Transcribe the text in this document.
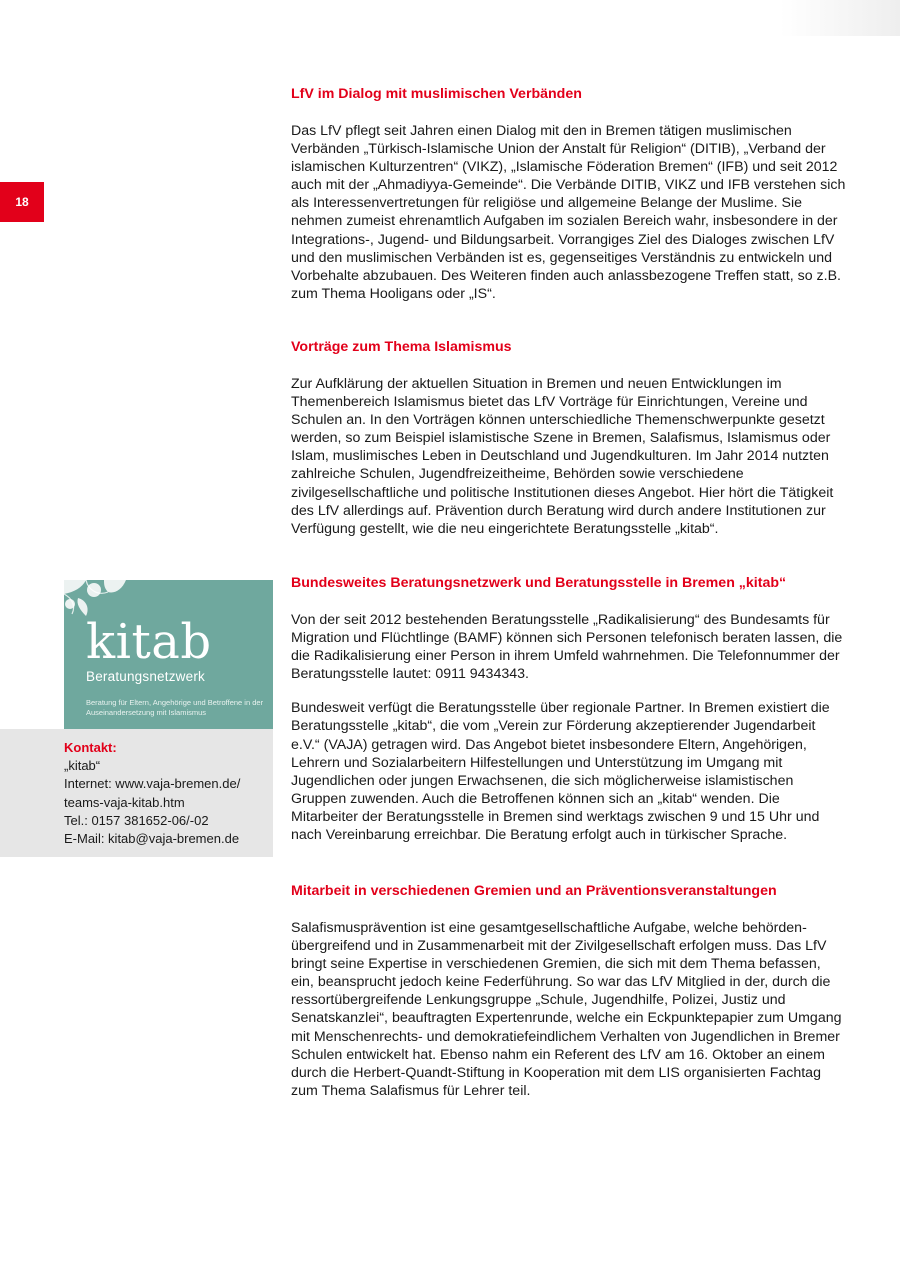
18
LfV im Dialog mit muslimischen Verbänden

Das LfV pflegt seit Jahren einen Dialog mit den in Bremen tätigen muslimischen Verbänden „Türkisch-Islamische Union der Anstalt für Religion“ (DITIB), „Verband der islamischen Kulturzentren“ (VIKZ), „Islamische Föderation Bremen“ (IFB) und seit 2012 auch mit der „Ahmadiyya-Gemeinde“. Die Verbände DITIB, VIKZ und IFB verstehen sich als Interessenvertretungen für religiöse und allgemeine Belange der Muslime. Sie nehmen zumeist ehrenamtlich Aufgaben im sozialen Bereich wahr, insbesondere in der Integrations-, Jugend- und Bildungsarbeit. Vorrangiges Ziel des Dialoges zwischen LfV und den muslimischen Verbänden ist es, gegenseitiges Verständnis zu entwickeln und Vorbehalte abzubauen. Des Weiteren finden auch anlassbezogene Treffen statt, so z.B. zum Thema Hooligans oder „IS“.

Vorträge zum Thema Islamismus

Zur Aufklärung der aktuellen Situation in Bremen und neuen Entwicklungen im Themenbereich Islamismus bietet das LfV Vorträge für Einrichtungen, Vereine und Schulen an. In den Vorträgen können unterschiedliche Themenschwerpunkte gesetzt werden, so zum Beispiel islamistische Szene in Bremen, Salafismus, Islamismus oder Islam, muslimisches Leben in Deutschland und Jugendkulturen. Im Jahr 2014 nutzten zahlreiche Schulen, Jugendfreizeitheime, Behörden sowie verschiedene zivilgesellschaftliche und politische Institutionen dieses Angebot. Hier hört die Tätigkeit des LfV allerdings auf. Prävention durch Beratung wird durch andere Institutionen zur Verfügung gestellt, wie die neu eingerichtete Beratungsstelle „kitab“.

Bundesweites Beratungsnetzwerk und Beratungsstelle in Bremen „kitab“

Von der seit 2012 bestehenden Beratungsstelle „Radikalisierung“ des Bundesamts für Migration und Flüchtlinge (BAMF) können sich Personen telefonisch beraten lassen, die die Radikalisierung einer Person in ihrem Umfeld wahrnehmen. Die Telefonnummer der Beratungsstelle lautet: 0911 9434343.

Bundesweit verfügt die Beratungsstelle über regionale Partner. In Bremen existiert die Beratungsstelle „kitab“, die vom „Verein zur Förderung akzeptierender Jugendarbeit e.V.“ (VAJA) getragen wird. Das Angebot bietet insbesondere Eltern, Angehörigen, Lehrern und Sozialarbeitern Hilfestellungen und Unterstützung im Umgang mit Jugendlichen oder jungen Erwachsenen, die sich möglicherweise islamistischen Gruppen zuwenden. Auch die Betroffenen können sich an „kitab“ wenden. Die Mitarbeiter der Beratungsstelle in Bremen sind werktags zwischen 9 und 15 Uhr und nach Vereinbarung erreichbar. Die Beratung erfolgt auch in türkischer Sprache.

Mitarbeit in verschiedenen Gremien und an Präventionsveranstaltungen

Salafismusprävention ist eine gesamtgesellschaftliche Aufgabe, welche behördenübergreifend und in Zusammenarbeit mit der Zivilgesellschaft erfolgen muss. Das LfV bringt seine Expertise in verschiedenen Gremien, die sich mit dem Thema befassen, ein, beansprucht jedoch keine Federführung. So war das LfV Mitglied in der, durch die ressortübergreifende Lenkungsgruppe „Schule, Jugendhilfe, Polizei, Justiz und Senatskanzlei“, beauftragten Expertenrunde, welche ein Eckpunktepapier zum Umgang mit Menschenrechts- und demokratiefeindlichem Verhalten von Jugendlichen in Bremer Schulen entwickelt hat. Ebenso nahm ein Referent des LfV am 16. Oktober an einem durch die Herbert-Quandt-Stiftung in Kooperation mit dem LIS organisierten Fachtag zum Thema Salafismus für Lehrer teil.

kitab
Beratungsnetzwerk
Beratung für Eltern, Angehörige und Betroffene in der Auseinandersetzung mit Islamismus
Kontakt:
„kitab“
Internet: www.vaja-bremen.de/
teams-vaja-kitab.htm
Tel.: 0157 381652-06/-02
E-Mail: kitab@vaja-bremen.de
